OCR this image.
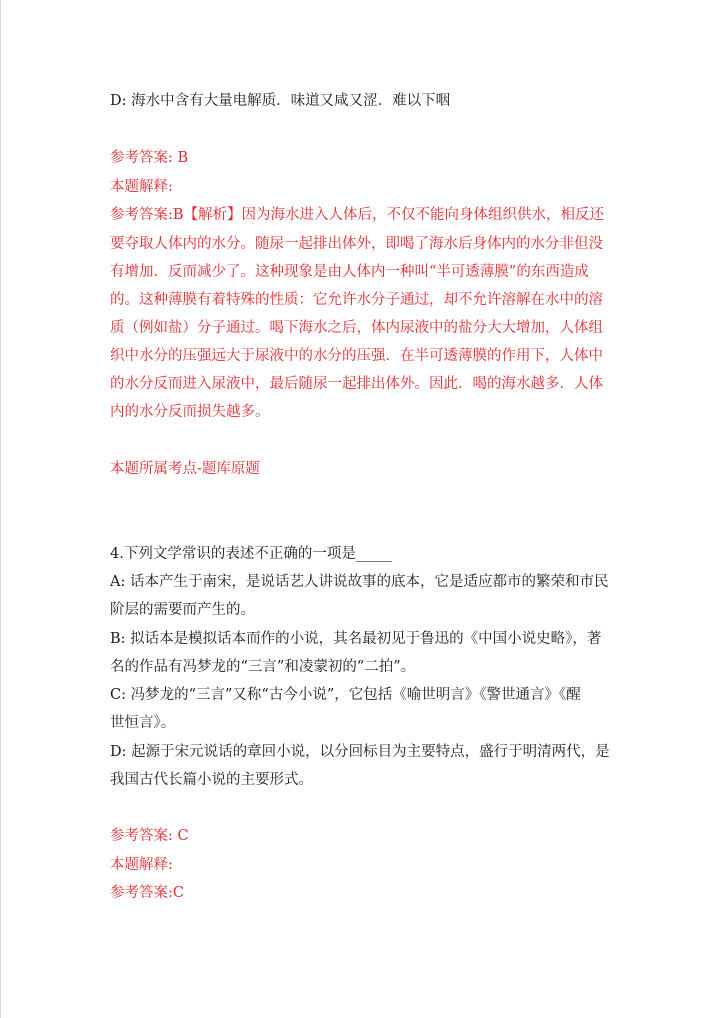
D: 海水中含有大量电解质．味道又咸又涩．难以下咽
参考答案: B
本题解释:
参考答案:B【解析】因为海水进入人体后，不仅不能向身体组织供水，相反还
要夺取人体内的水分。随尿一起排出体外，即喝了海水后身体内的水分非但没
有增加．反而减少了。这种现象是由人体内一种叫“半可透薄膜”的东西造成
的。这种薄膜有着特殊的性质：它允许水分子通过，却不允许溶解在水中的溶
质（例如盐）分子通过。喝下海水之后，体内尿液中的盐分大大增加，人体组
织中水分的压强远大于尿液中的水分的压强．在半可透薄膜的作用下，人体中
的水分反而进入尿液中，最后随尿一起排出体外。因此．喝的海水越多．人体
内的水分反而损失越多。
本题所属考点-题库原题
4.下列文学常识的表述不正确的一项是_____
A: 话本产生于南宋，是说话艺人讲说故事的底本，它是适应都市的繁荣和市民
阶层的需要而产生的。
B: 拟话本是模拟话本而作的小说，其名最初见于鲁迅的《中国小说史略》，著
名的作品有冯梦龙的“三言”和凌蒙初的“二拍”。
C: 冯梦龙的“三言”又称“古今小说”，它包括《喻世明言》《警世通言》《醒
世恒言》。
D: 起源于宋元说话的章回小说，以分回标目为主要特点，盛行于明清两代，是
我国古代长篇小说的主要形式。
参考答案: C
本题解释:
参考答案:C
